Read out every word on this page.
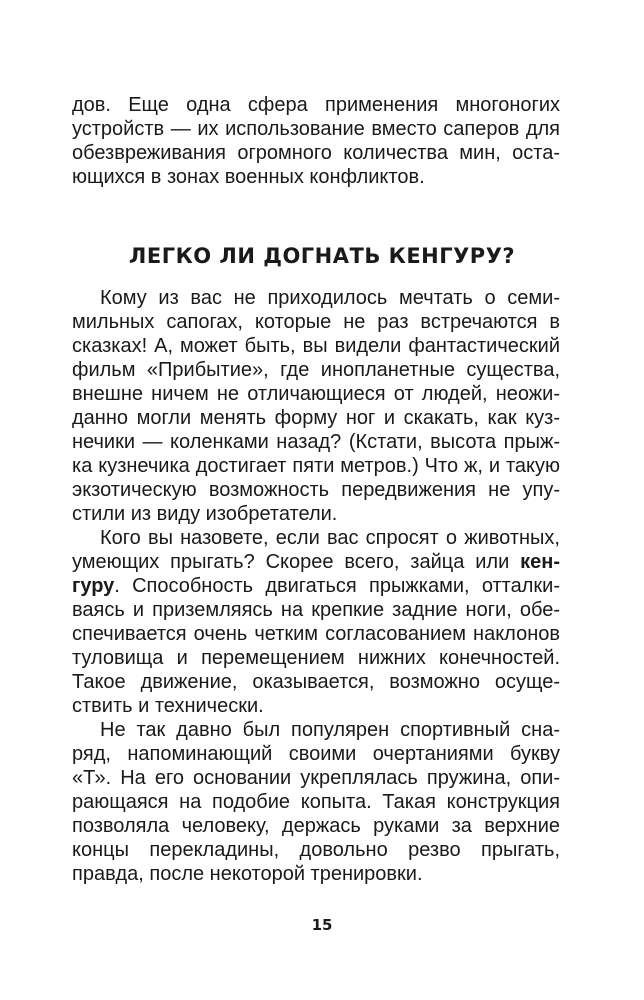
дов. Еще одна сфера применения многоногих
устройств — их использование вместо саперов для
обезвреживания огромного количества мин, оста-
ющихся в зонах военных конфликтов.
ЛЕГКО ЛИ ДОГНАТЬ КЕНГУРУ?
Кому из вас не приходилось мечтать о семи-
мильных сапогах, которые не раз встречаются в
сказках! А, может быть, вы видели фантастический
фильм «Прибытие», где инопланетные существа,
внешне ничем не отличающиеся от людей, неожи-
данно могли менять форму ног и скакать, как куз-
нечики — коленками назад? (Кстати, высота прыж-
ка кузнечика достигает пяти метров.) Что ж, и такую
экзотическую возможность передвижения не упу-
стили из виду изобретатели.
Кого вы назовете, если вас спросят о животных,
умеющих прыгать? Скорее всего, зайца или кен-
гуру. Способность двигаться прыжками, отталки-
ваясь и приземляясь на крепкие задние ноги, обе-
спечивается очень четким согласованием наклонов
туловища и перемещением нижних конечностей.
Такое движение, оказывается, возможно осуще-
ствить и технически.
Не так давно был популярен спортивный сна-
ряд, напоминающий своими очертаниями букву
«Т». На его основании укреплялась пружина, опи-
рающаяся на подобие копыта. Такая конструкция
позволяла человеку, держась руками за верхние
концы перекладины, довольно резво прыгать,
правда, после некоторой тренировки.
15
